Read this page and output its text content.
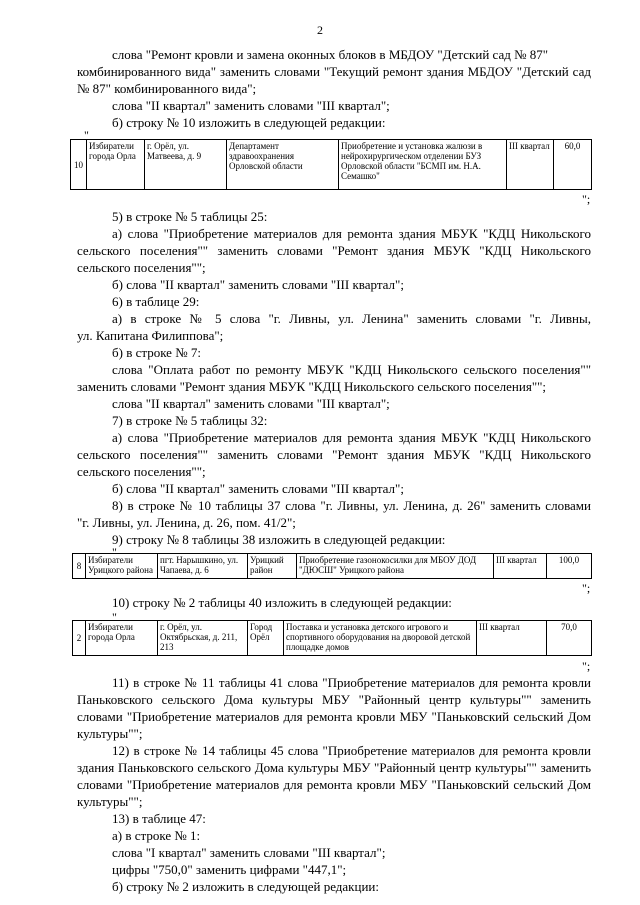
2
слова "Ремонт кровли и замена оконных блоков в МБДОУ "Детский сад № 87"
комбинированного вида" заменить словами "Текущий ремонт здания МБДОУ "Детский сад
№ 87" комбинированного вида";
слова "II квартал" заменить словами "III квартал";
б) строку № 10 изложить в следующей редакции:
"
10	Избиратели города Орла	г. Орёл, ул. Матвеева, д. 9	Департамент здравоохранения Орловской области	Приобретение и установка жалюзи в нейрохирургическом отделении БУЗ Орловской области "БСМП им. Н.А. Семашко"	III квартал	60,0
";
5) в строке № 5 таблицы 25:
а) слова "Приобретение материалов для ремонта здания МБУК "КДЦ Никольского
сельского поселения"" заменить словами "Ремонт здания МБУК "КДЦ Никольского
сельского поселения"";
б) слова "II квартал" заменить словами "III квартал";
6) в таблице 29:
а) в строке № 5 слова "г. Ливны, ул. Ленина" заменить словами "г. Ливны,
ул. Капитана Филиппова";
б) в строке № 7:
слова "Оплата работ по ремонту МБУК "КДЦ Никольского сельского поселения""
заменить словами "Ремонт здания МБУК "КДЦ Никольского сельского поселения"";
слова "II квартал" заменить словами "III квартал";
7) в строке № 5 таблицы 32:
а) слова "Приобретение материалов для ремонта здания МБУК "КДЦ Никольского
сельского поселения"" заменить словами "Ремонт здания МБУК "КДЦ Никольского
сельского поселения"";
б) слова "II квартал" заменить словами "III квартал";
8) в строке № 10 таблицы 37 слова "г. Ливны, ул. Ленина, д. 26" заменить словами
"г. Ливны, ул. Ленина, д. 26, пом. 41/2";
9) строку № 8 таблицы 38 изложить в следующей редакции:
"
8	Избиратели Урицкого района	пгт. Нарышкино, ул. Чапаева, д. 6	Урицкий район	Приобретение газонокосилки для МБОУ ДОД "ДЮСШ" Урицкого района	III квартал	100,0
";
10) строку № 2 таблицы 40 изложить в следующей редакции:
"
2	Избиратели города Орла	г. Орёл, ул. Октябрьская, д. 211, 213	Город Орёл	Поставка и установка детского игрового и спортивного оборудования на дворовой детской площадке домов	III квартал	70,0
";
11) в строке № 11 таблицы 41 слова "Приобретение материалов для ремонта кровли
Паньковского сельского Дома культуры МБУ "Районный центр культуры"" заменить
словами "Приобретение материалов для ремонта кровли МБУ "Паньковский сельский Дом
культуры"";
12) в строке № 14 таблицы 45 слова "Приобретение материалов для ремонта кровли
здания Паньковского сельского Дома культуры МБУ "Районный центр культуры"" заменить
словами "Приобретение материалов для ремонта кровли МБУ "Паньковский сельский Дом
культуры"";
13) в таблице 47:
а) в строке № 1:
слова "I квартал" заменить словами "III квартал";
цифры "750,0" заменить цифрами "447,1";
б) строку № 2 изложить в следующей редакции:
